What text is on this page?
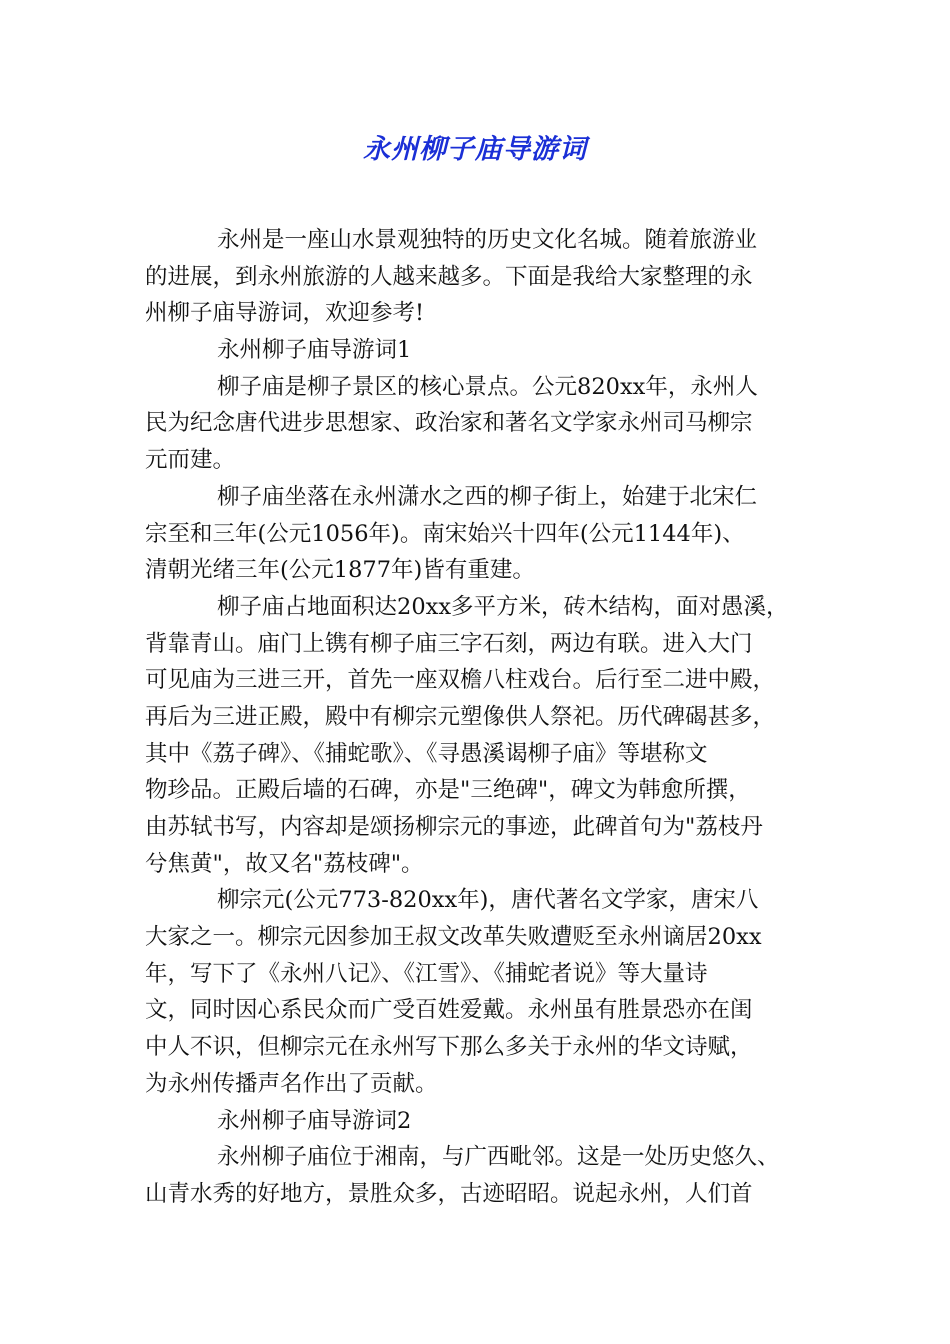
永州柳子庙导游词
永州是一座山水景观独特的历史文化名城。随着旅游业
的进展，到永州旅游的人越来越多。下面是我给大家整理的永
州柳子庙导游词，欢迎参考!
永州柳子庙导游词1
柳子庙是柳子景区的核心景点。公元820xx年，永州人
民为纪念唐代进步思想家、政治家和著名文学家永州司马柳宗
元而建。
柳子庙坐落在永州潇水之西的柳子街上，始建于北宋仁
宗至和三年(公元1056年)。南宋始兴十四年(公元1144年)、
清朝光绪三年(公元1877年)皆有重建。
柳子庙占地面积达20xx多平方米，砖木结构，面对愚溪，
背靠青山。庙门上镌有柳子庙三字石刻，两边有联。进入大门
可见庙为三进三开，首先一座双檐八柱戏台。后行至二进中殿，
再后为三进正殿，殿中有柳宗元塑像供人祭祀。历代碑碣甚多，
其中《荔子碑》、《捕蛇歌》、《寻愚溪谒柳子庙》等堪称文
物珍品。正殿后墙的石碑，亦是"三绝碑"，碑文为韩愈所撰，
由苏轼书写，内容却是颂扬柳宗元的事迹，此碑首句为"荔枝丹
兮焦黄"，故又名"荔枝碑"。
柳宗元(公元773-820xx年)，唐代著名文学家，唐宋八
大家之一。柳宗元因参加王叔文改革失败遭贬至永州谪居20xx
年，写下了《永州八记》、《江雪》、《捕蛇者说》等大量诗
文，同时因心系民众而广受百姓爱戴。永州虽有胜景恐亦在闺
中人不识，但柳宗元在永州写下那么多关于永州的华文诗赋，
为永州传播声名作出了贡献。
永州柳子庙导游词2
永州柳子庙位于湘南，与广西毗邻。这是一处历史悠久、
山青水秀的好地方，景胜众多，古迹昭昭。说起永州，人们首
